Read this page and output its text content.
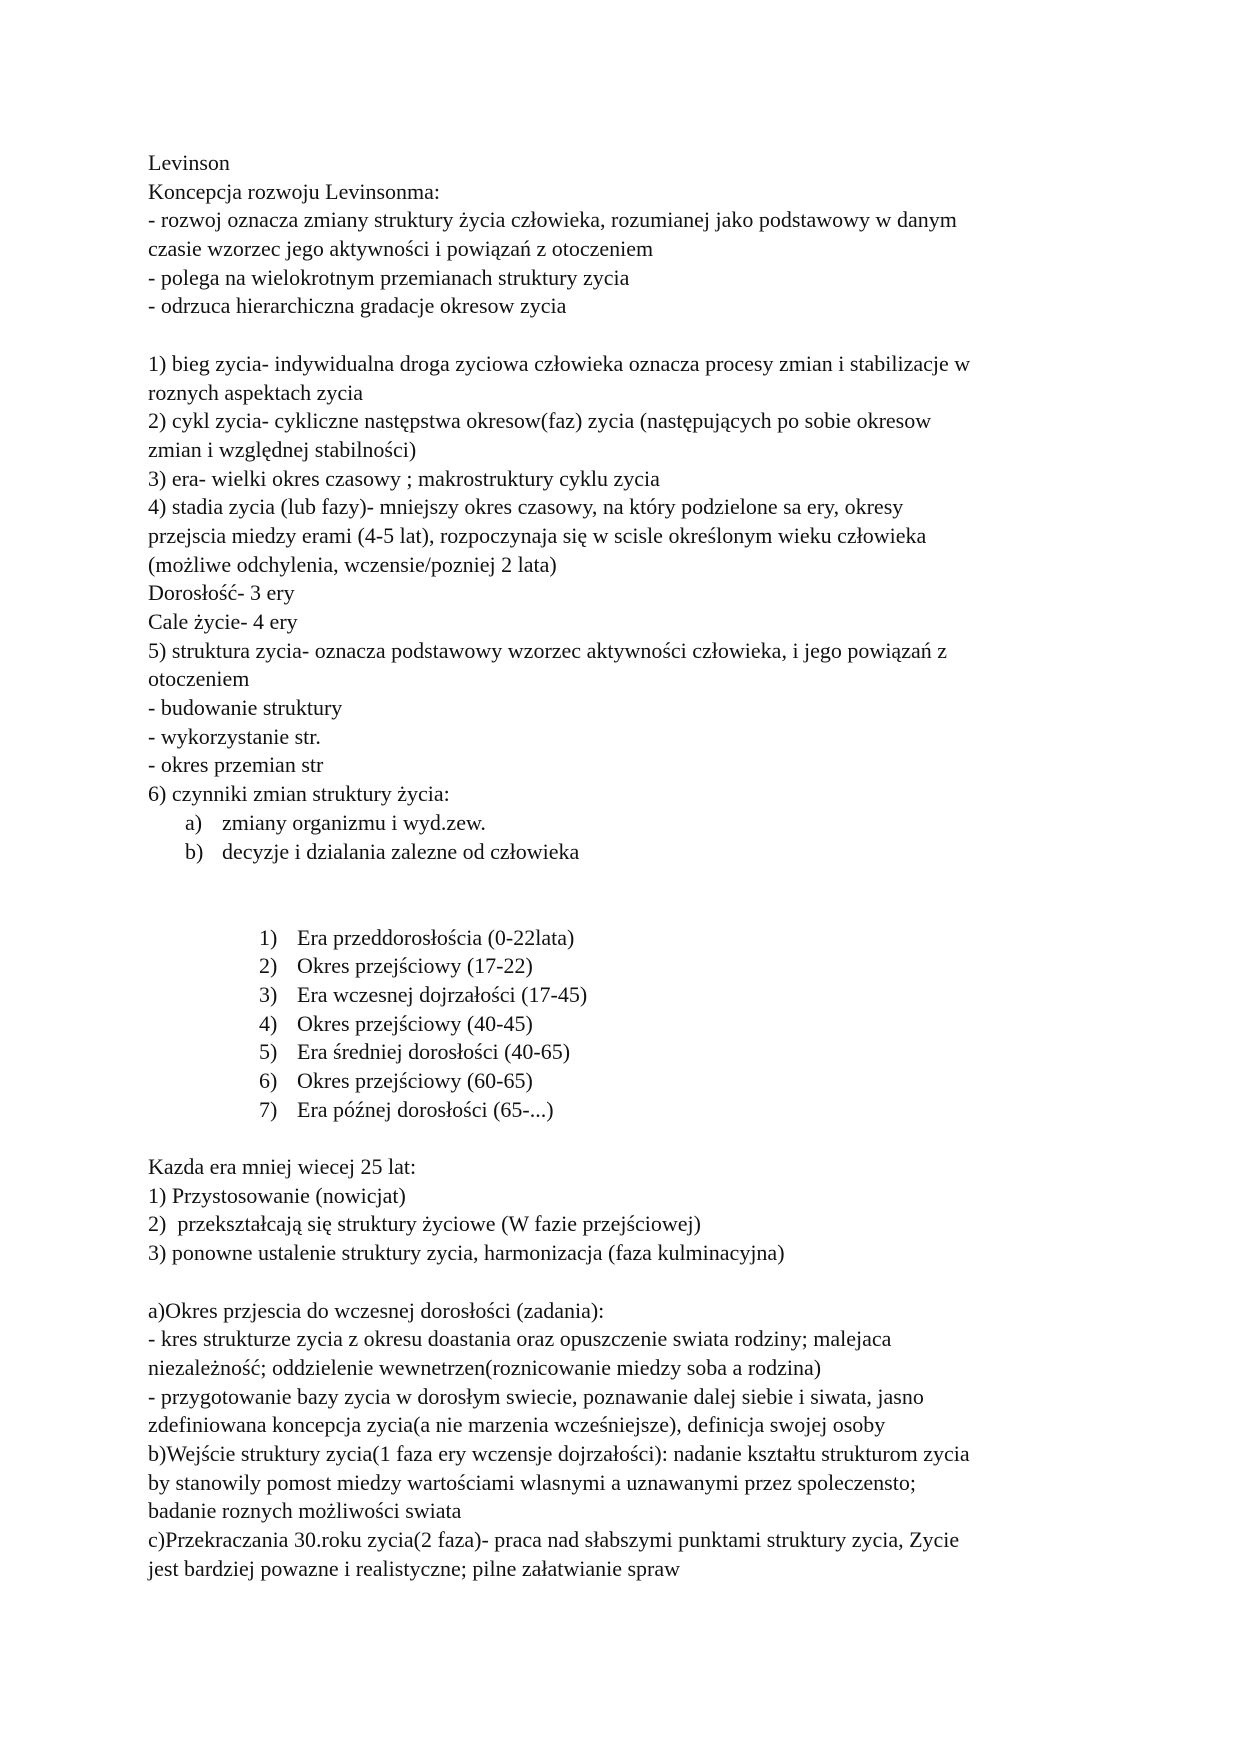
Levinson
Koncepcja rozwoju Levinsonma:
- rozwoj oznacza zmiany struktury życia człowieka, rozumianej jako podstawowy w danym
czasie wzorzec jego aktywności i powiązań z otoczeniem
- polega na wielokrotnym przemianach struktury zycia
- odrzuca hierarchiczna gradacje okresow zycia
1) bieg zycia- indywidualna droga zyciowa człowieka oznacza procesy zmian i stabilizacje w
roznych aspektach zycia
2) cykl zycia- cykliczne następstwa okresow(faz) zycia (następujących po sobie okresow
zmian i względnej stabilności)
3) era- wielki okres czasowy ; makrostruktury cyklu zycia
4) stadia zycia (lub fazy)- mniejszy okres czasowy, na który podzielone sa ery, okresy
przejscia miedzy erami (4-5 lat), rozpoczynaja się w scisle określonym wieku człowieka
(możliwe odchylenia, wczensie/pozniej 2 lata)
Dorosłość- 3 ery
Cale życie- 4 ery
5) struktura zycia- oznacza podstawowy wzorzec aktywności człowieka, i jego powiązań z
otoczeniem
- budowanie struktury
- wykorzystanie str.
- okres przemian str
6) czynniki zmian struktury życia:
a) zmiany organizmu i wyd.zew.
b) decyzje i dzialania zalezne od człowieka
1) Era przeddorosłościa (0-22lata)
2) Okres przejściowy (17-22)
3) Era wczesnej dojrzałości (17-45)
4) Okres przejściowy (40-45)
5) Era średniej dorosłości (40-65)
6) Okres przejściowy (60-65)
7) Era późnej dorosłości (65-...)
Kazda era mniej wiecej 25 lat:
1) Przystosowanie (nowicjat)
2)  przekształcają się struktury życiowe (W fazie przejściowej)
3) ponowne ustalenie struktury zycia, harmonizacja (faza kulminacyjna)
a)Okres przjescia do wczesnej dorosłości (zadania):
- kres strukturze zycia z okresu doastania oraz opuszczenie swiata rodziny; malejaca
niezależność; oddzielenie wewnetrzen(roznicowanie miedzy soba a rodzina)
- przygotowanie bazy zycia w dorosłym swiecie, poznawanie dalej siebie i siwata, jasno
zdefiniowana koncepcja zycia(a nie marzenia wcześniejsze), definicja swojej osoby
b)Wejście struktury zycia(1 faza ery wczensje dojrzałości): nadanie kształtu strukturom zycia
by stanowily pomost miedzy wartościami wlasnymi a uznawanymi przez spoleczensto;
badanie roznych możliwości swiata
c)Przekraczania 30.roku zycia(2 faza)- praca nad słabszymi punktami struktury zycia, Zycie
jest bardziej powazne i realistyczne; pilne załatwianie spraw
